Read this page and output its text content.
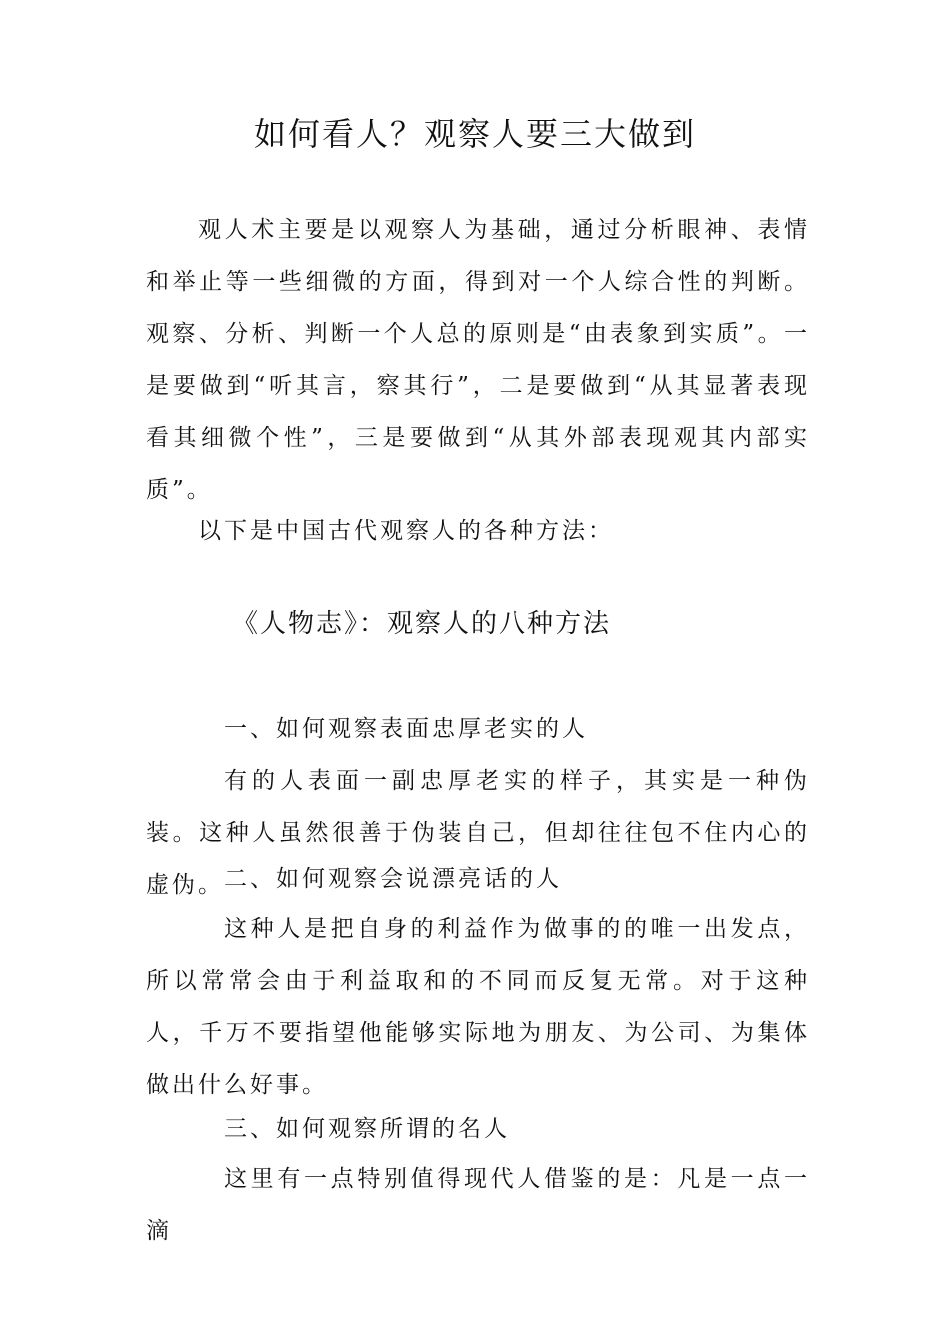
如何看人？观察人要三大做到

观人术主要是以观察人为基础，通过分析眼神、表情和举止等一些细微的方面，得到对一个人综合性的判断。观察、分析、判断一个人总的原则是“由表象到实质”。一是要做到“听其言，察其行”，二是要做到“从其显著表现看其细微个性”，三是要做到“从其外部表现观其内部实质”。

以下是中国古代观察人的各种方法：

《人物志》：观察人的八种方法

一、如何观察表面忠厚老实的人

有的人表面一副忠厚老实的样子，其实是一种伪装。这种人虽然很善于伪装自己，但却往往包不住内心的虚伪。 二、如何观察会说漂亮话的人

这种人是把自身的利益作为做事的的唯一出发点，所以常常会由于利益取和的不同而反复无常。对于这种人，千万不要指望他能够实际地为朋友、为公司、为集体做出什么好事。

三、如何观察所谓的名人

这里有一点特别值得现代人借鉴的是：凡是一点一滴
